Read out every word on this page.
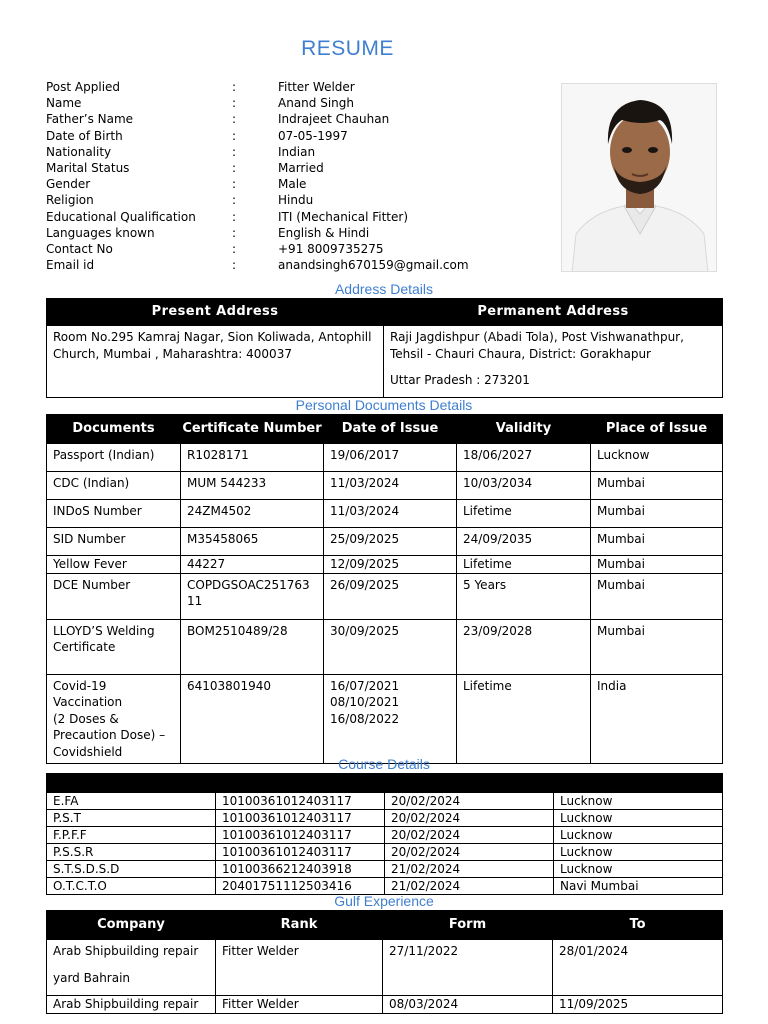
RESUME
Post Applied	:	Fitter Welder
Name	:	Anand Singh
Father’s Name	:	Indrajeet Chauhan
Date of Birth	:	07-05-1997
Nationality	:	Indian
Marital Status	:	Married
Gender	:	Male
Religion	:	Hindu
Educational Qualification	:	ITI (Mechanical Fitter)
Languages known	:	English & Hindi
Contact No	:	+91 8009735275
Email id	:	anandsingh670159@gmail.com
Address Details
Present Address	Permanent Address
Room No.295 Kamraj Nagar, Sion Koliwada, Antophill Church, Mumbai , Maharashtra: 400037	Raji Jagdishpur (Abadi Tola), Post Vishwanathpur, Tehsil - Chauri Chaura, District: Gorakhapur
Uttar Pradesh : 273201
Personal Documents Details
Documents	Certificate Number	Date of Issue	Validity	Place of Issue
Passport (Indian)	R1028171	19/06/2017	18/06/2027	Lucknow
CDC (Indian)	MUM 544233	11/03/2024	10/03/2034	Mumbai
INDoS Number	24ZM4502	11/03/2024	Lifetime	Mumbai
SID Number	M35458065	25/09/2025	24/09/2035	Mumbai
Yellow Fever	44227	12/09/2025	Lifetime	Mumbai
DCE Number	COPDGSOAC25176311	26/09/2025	5 Years	Mumbai
LLOYD’S Welding Certificate	BOM2510489/28	30/09/2025	23/09/2028	Mumbai

Covid-19
Vaccination
(2 Doses &
Precaution Dose) –
Covidshield	64103801940	16/07/2021
08/10/2021
16/08/2022	Lifetime	India
Course Details

E.FA	10100361012403117	20/02/2024	Lucknow
P.S.T	10100361012403117	20/02/2024	Lucknow
F.P.F.F	10100361012403117	20/02/2024	Lucknow
P.S.S.R	10100361012403117	20/02/2024	Lucknow
S.T.S.D.S.D	10100366212403918	21/02/2024	Lucknow
O.T.C.T.O	20401751112503416	21/02/2024	Navi Mumbai
Gulf Experience
Company	Rank	Form	To

Arab Shipbuilding repair
yard Bahrain	Fitter Welder	27/11/2022	28/01/2024

Arab Shipbuilding repair	Fitter Welder	08/03/2024	11/09/2025
